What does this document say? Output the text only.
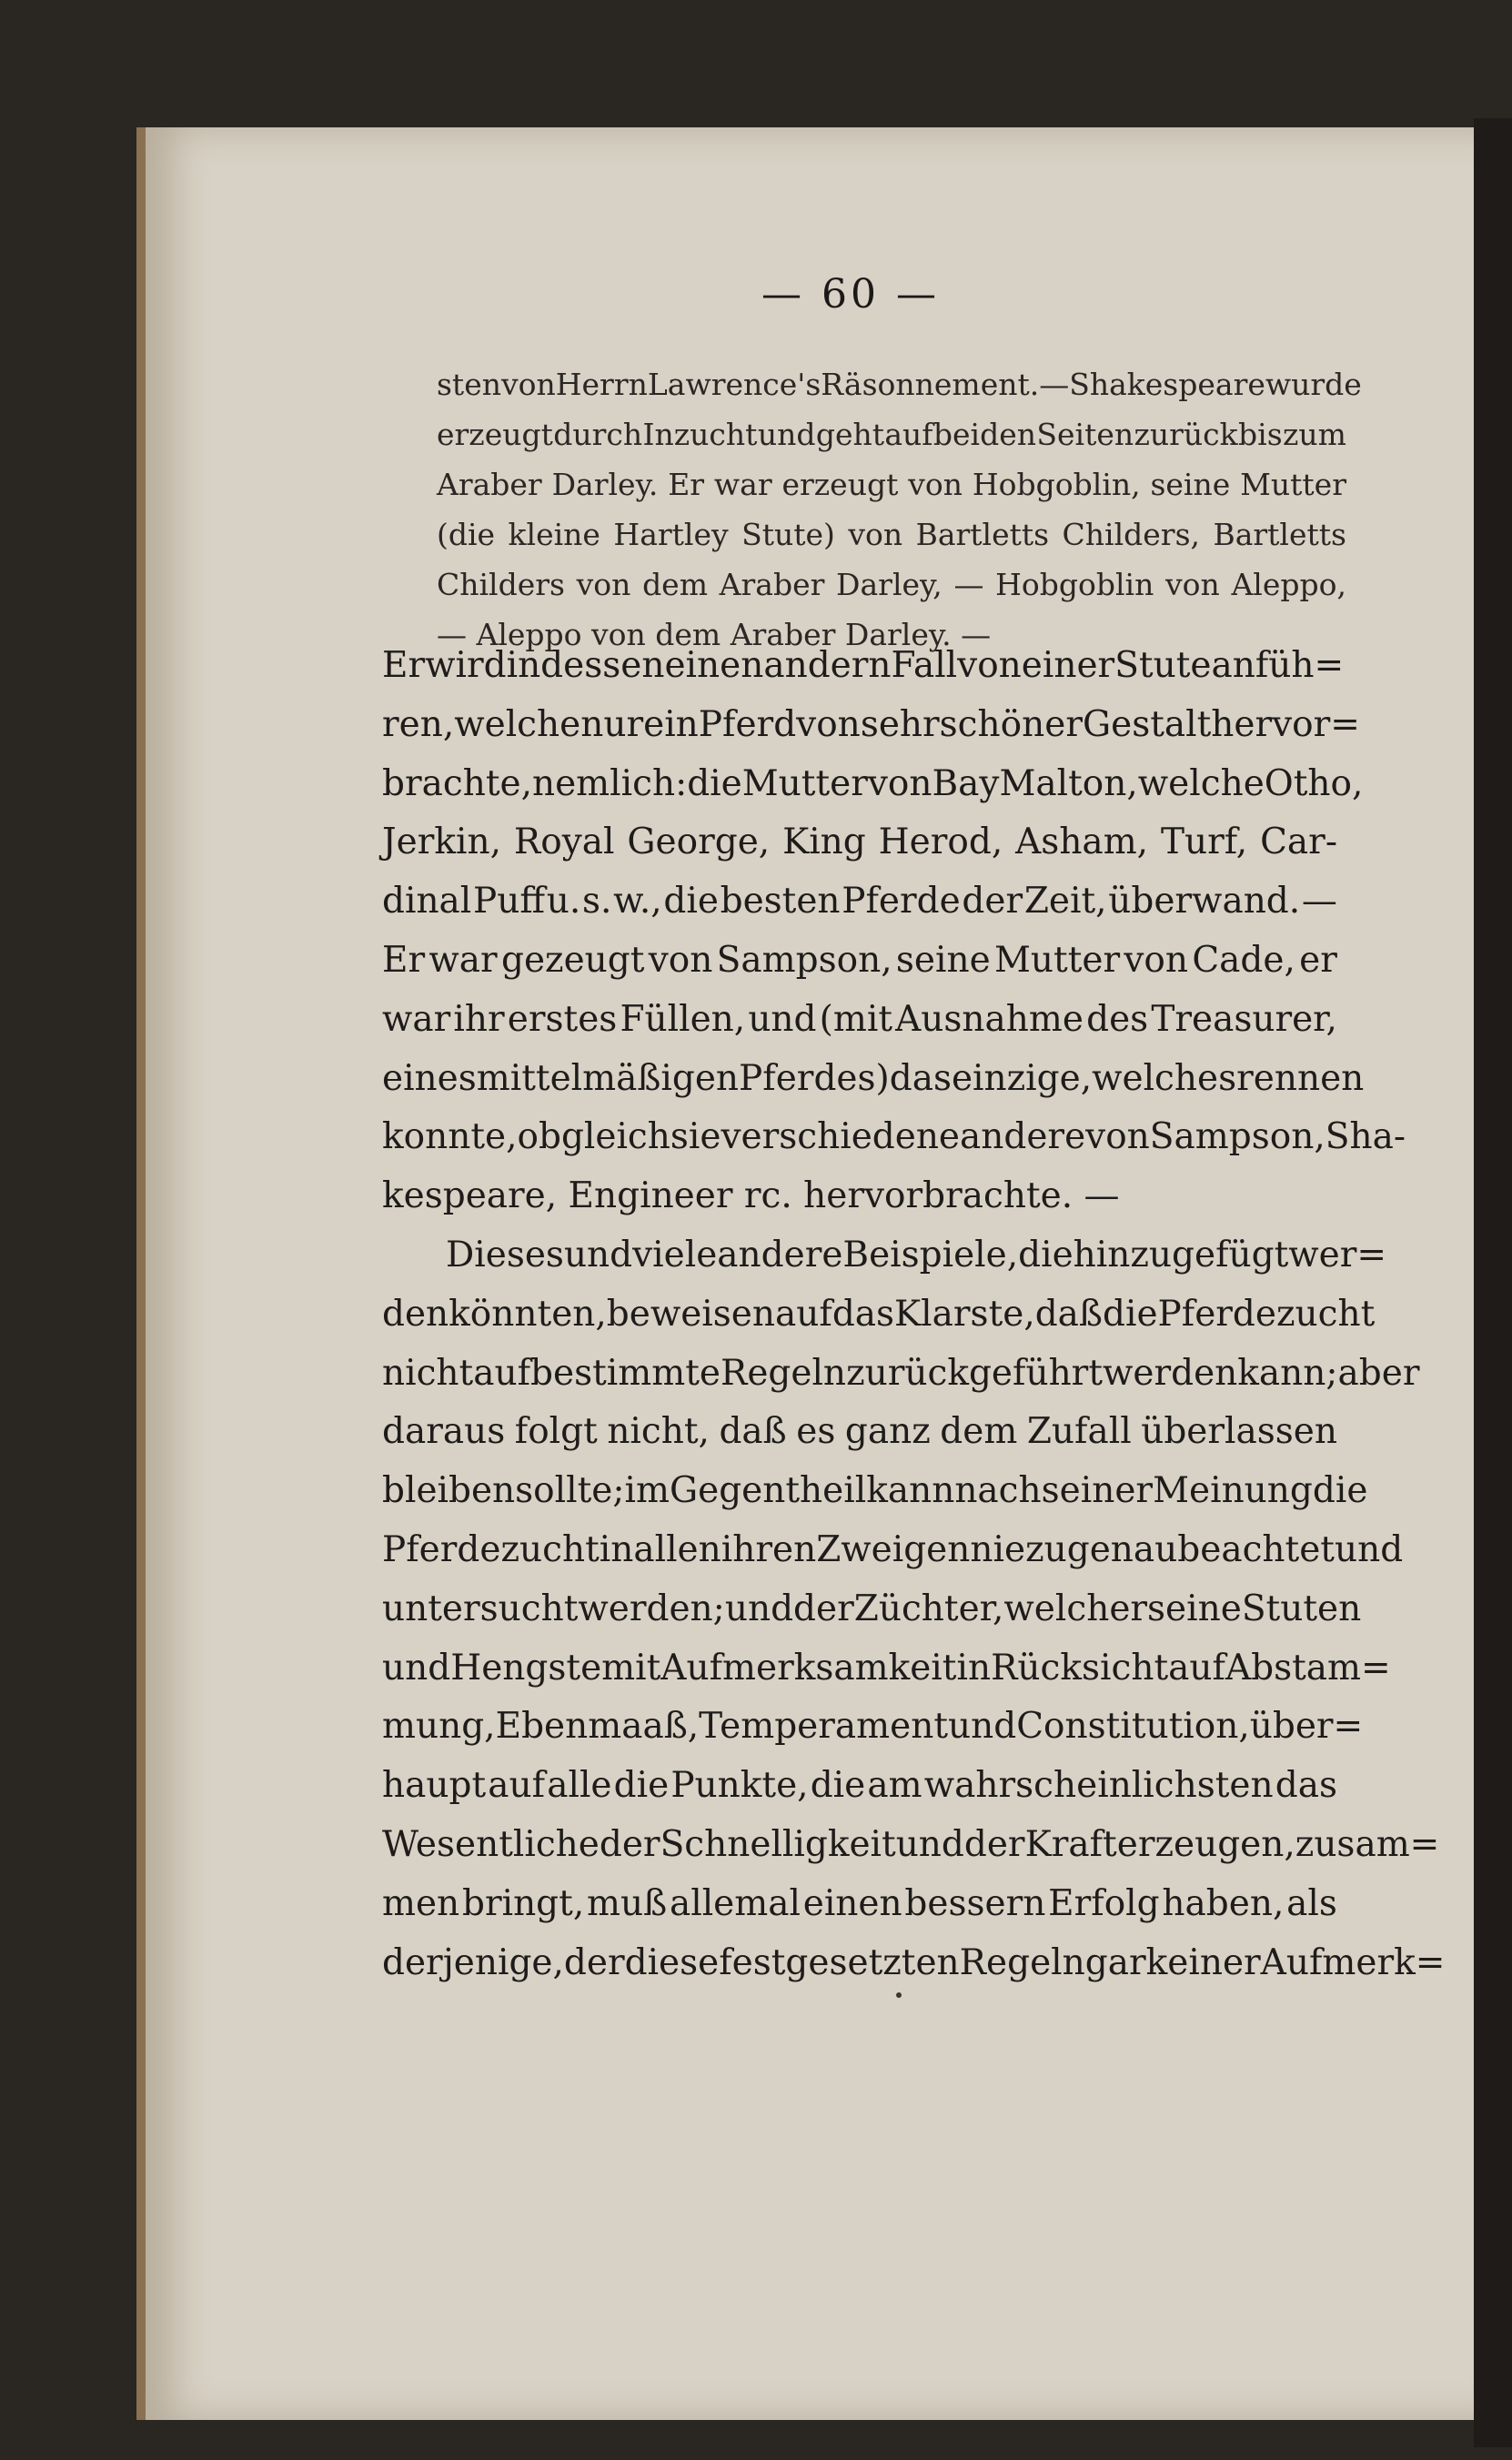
— 60 —
sten von Herrn Lawrence's Räsonnement. — Shakespeare wurde
erzeugt durch Inzucht und geht auf beiden Seiten zurück bis zum
Araber Darley. Er war erzeugt von Hobgoblin, seine Mutter
(die kleine Hartley Stute) von Bartletts Childers, Bartletts
Childers von dem Araber Darley, — Hobgoblin von Aleppo,
— Aleppo von dem Araber Darley. —
Er wird indessen einen andern Fall von einer Stute anfüh=
ren, welche nur ein Pferd von sehr schöner Gestalt hervor=
brachte, nemlich: die Mutter von Bay Malton, welche Otho,
Jerkin, Royal George, King Herod, Asham, Turf, Car-
dinal Puff u. s. w., die besten Pferde der Zeit, überwand. —
Er war gezeugt von Sampson, seine Mutter von Cade, er
war ihr erstes Füllen, und (mit Ausnahme des Treasurer,
eines mittelmäßigen Pferdes) das einzige, welches rennen
konnte, obgleich sie verschiedene andere von Sampson, Sha-
kespeare, Engineer rc. hervorbrachte. —
Dieses und viele andere Beispiele, die hinzugefügt wer=
den könnten, beweisen auf das Klarste, daß die Pferdezucht
nicht auf bestimmte Regeln zurück geführt werden kann; aber
daraus folgt nicht, daß es ganz dem Zufall überlassen
bleiben sollte; im Gegentheil kann nach seiner Meinung die
Pferdezucht in allen ihren Zweigen nie zu genau beachtet und
untersucht werden; und der Züchter, welcher seine Stuten
und Hengste mit Aufmerksamkeit in Rücksicht auf Abstam=
mung, Ebenmaaß, Temperament und Constitution, über=
haupt auf alle die Punkte, die am wahrscheinlichsten das
Wesentliche der Schnelligkeit und der Kraft erzeugen, zusam=
men bringt, muß allemal einen bessern Erfolg haben, als
derjenige, der diese festgesetzten Regeln gar keiner Aufmerk=
